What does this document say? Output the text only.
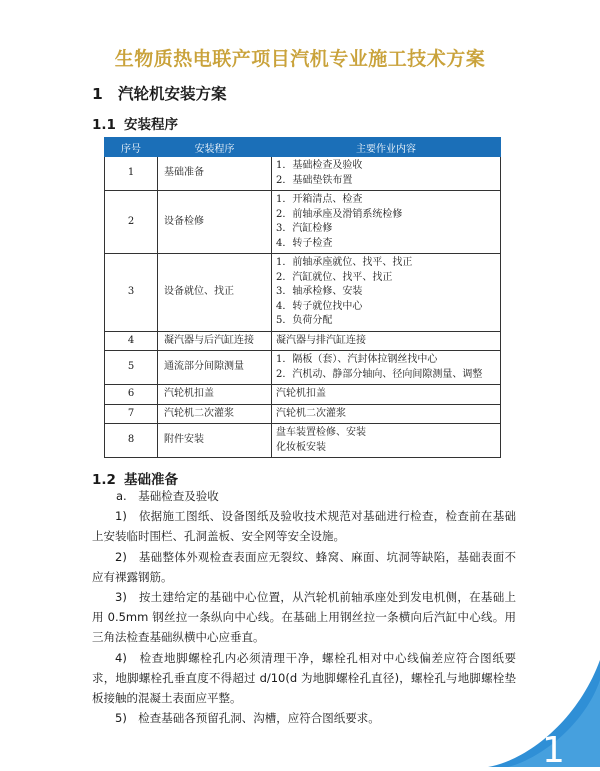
生物质热电联产项目汽机专业施工技术方案
1 汽轮机安装方案
1.1 安装程序
序号	安装程序	主要作业内容
1	基础准备	1．基础检查及验收
2．基础垫铁布置

2	设备检修	1．开箱清点、检查
2．前轴承座及滑销系统检修
3．汽缸检修
4．转子检查

3	设备就位、找正	1．前轴承座就位、找平、找正
2．汽缸就位、找平、找正
3．轴承检修、安装
4．转子就位找中心
5．负荷分配

4	凝汽器与后汽缸连接	凝汽器与排汽缸连接

5	通流部分间隙测量	1．隔板（套）、汽封体拉钢丝找中心
2．汽机动、静部分轴向、径向间隙测量、调整

6	汽轮机扣盖	汽轮机扣盖

7	汽轮机二次灌浆	汽轮机二次灌浆

8	附件安装	盘车装置检修、安装
化妆板安装
1.2 基础准备

a.　基础检查及验收

1)　依据施工图纸、设备图纸及验收技术规范对基础进行检查，检查前在基础上安装临时围栏、孔洞盖板、安全网等安全设施。

2)　基础整体外观检查表面应无裂纹、蜂窝、麻面、坑洞等缺陷，基础表面不应有裸露钢筋。

3)　按土建给定的基础中心位置，从汽轮机前轴承座处到发电机侧，在基础上用 0.5mm 钢丝拉一条纵向中心线。在基础上用钢丝拉一条横向后汽缸中心线。用三角法检查基础纵横中心应垂直。

4)　检查地脚螺栓孔内必须清理干净，螺栓孔相对中心线偏差应符合图纸要求，地脚螺栓孔垂直度不得超过 d/10(d 为地脚螺栓孔直径)，螺栓孔与地脚螺栓垫板接触的混凝土表面应平整。

5)　检查基础各预留孔洞、沟槽，应符合图纸要求。

1
